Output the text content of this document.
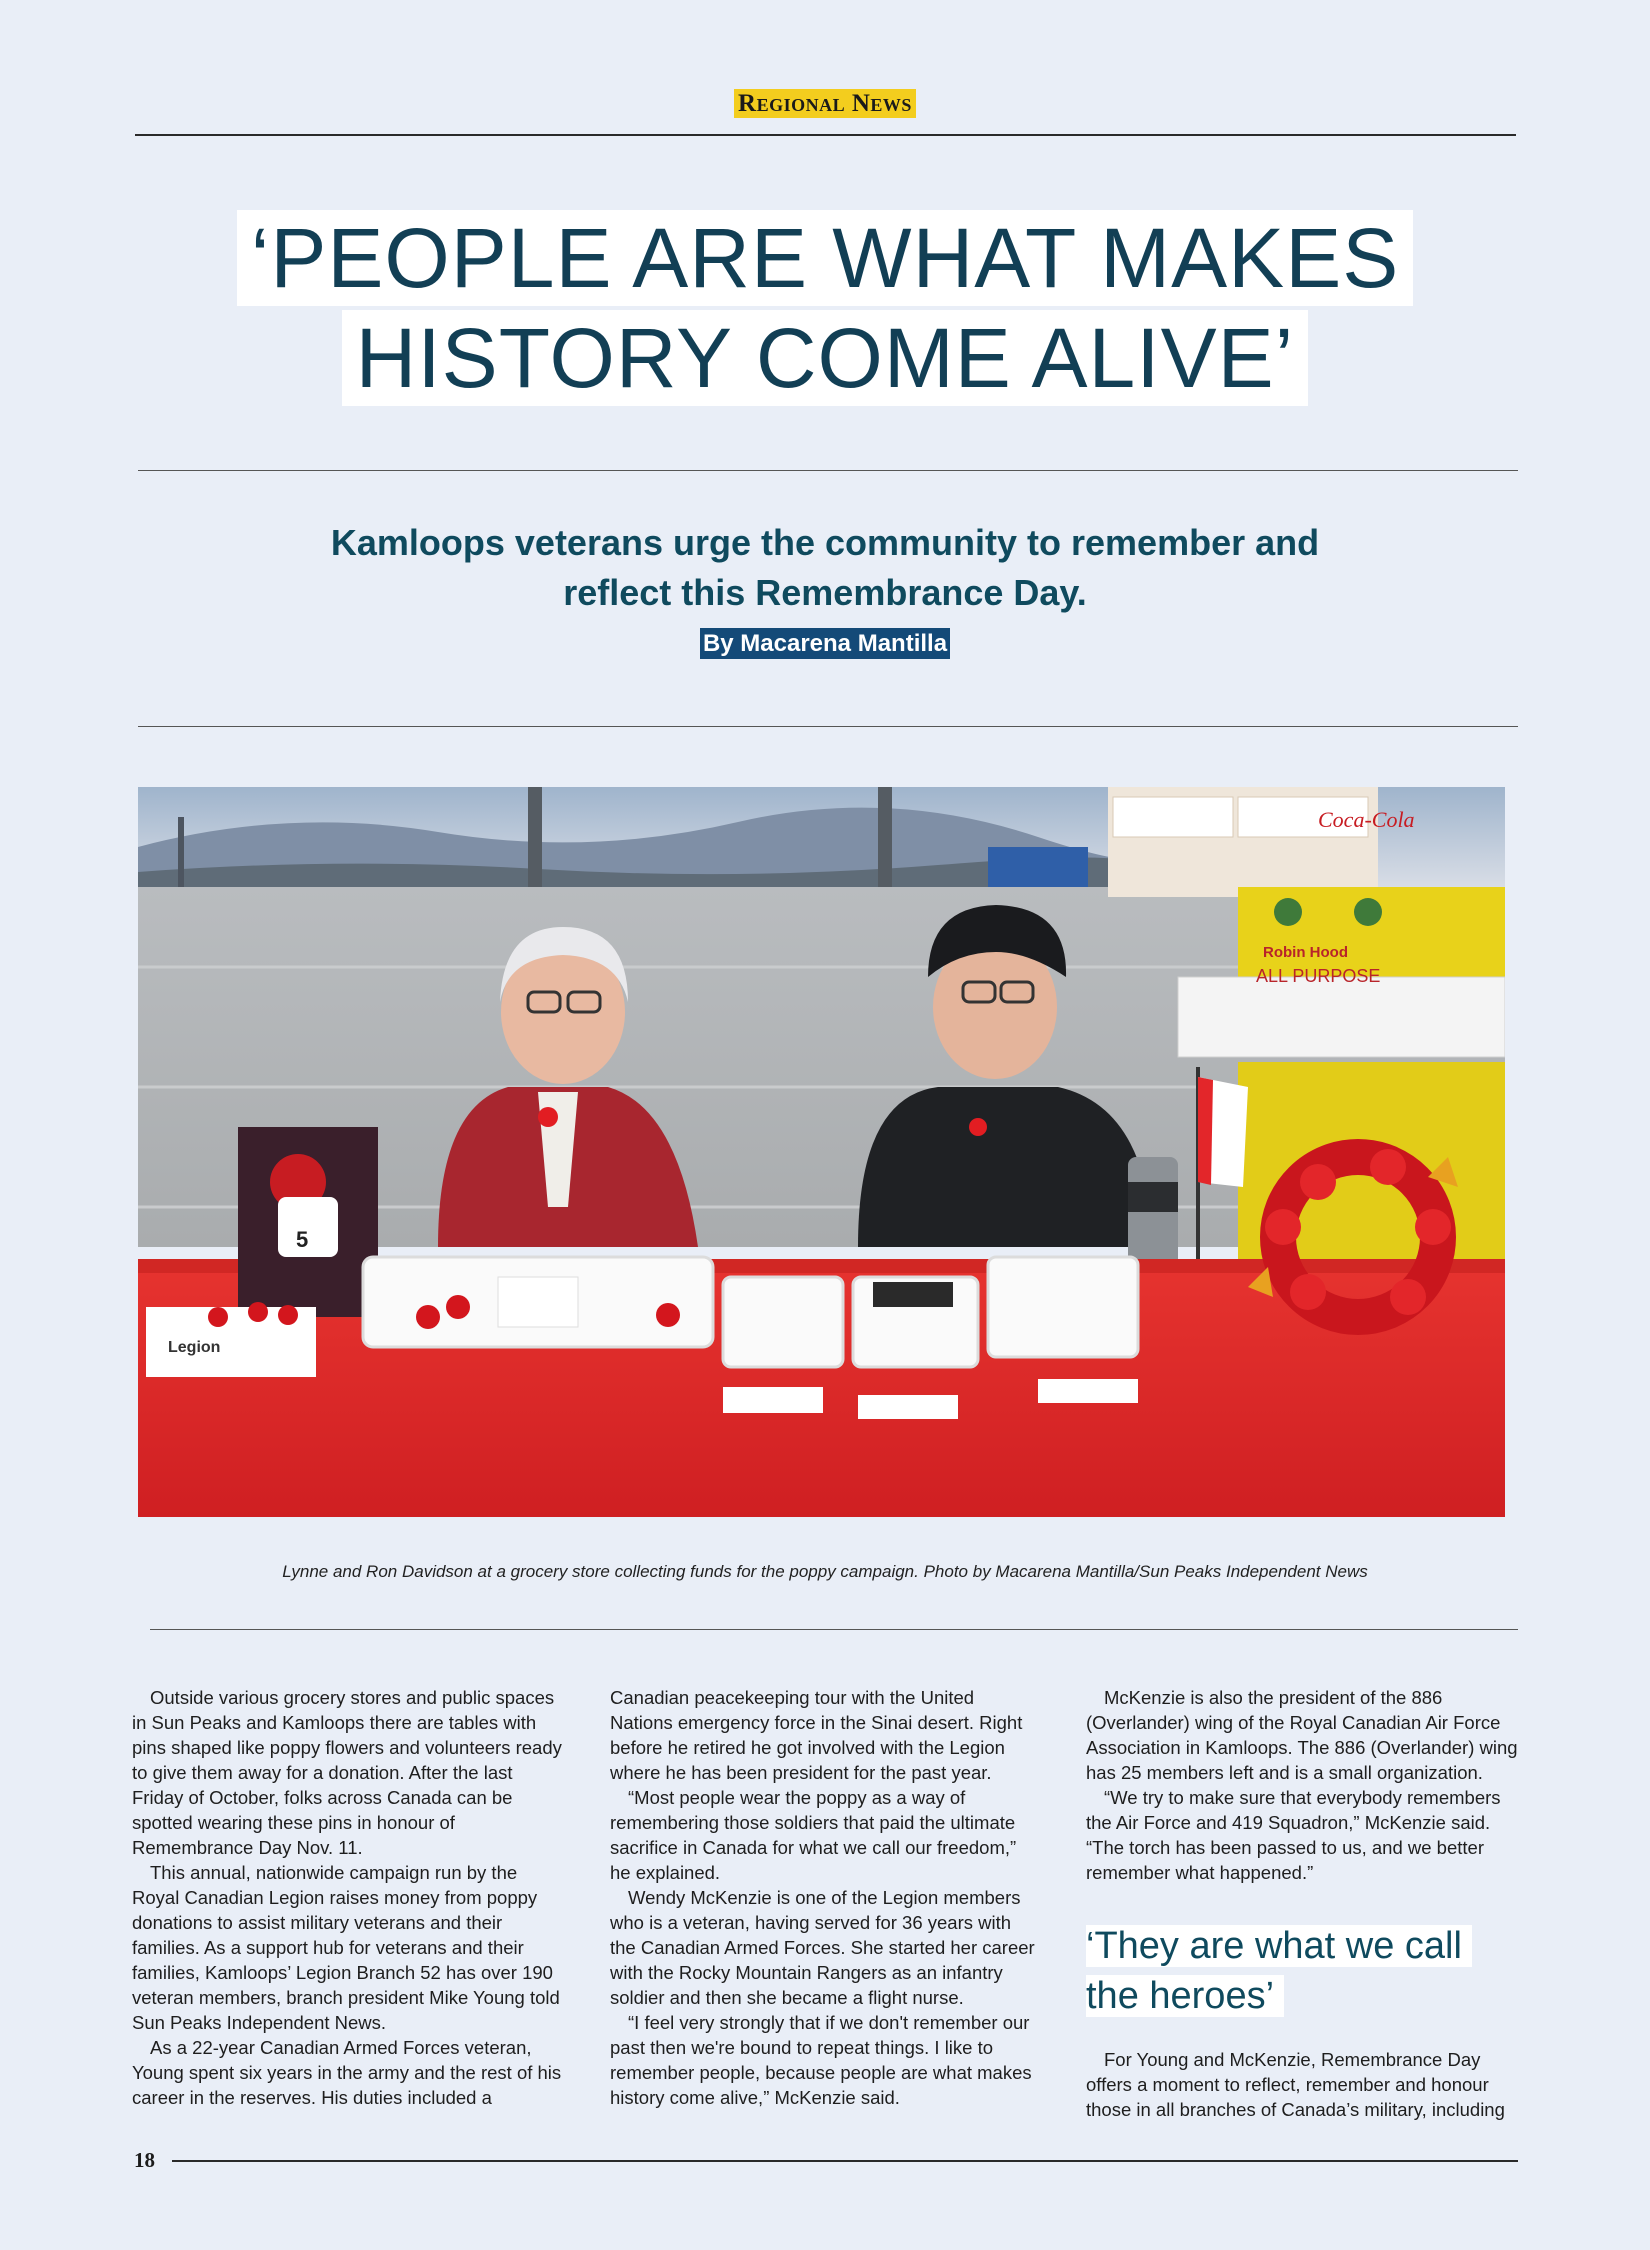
Regional News
‘PEOPLE ARE WHAT MAKES
HISTORY COME ALIVE’
Kamloops veterans urge the community to remember and
reflect this Remembrance Day.
By Macarena Mantilla
Coca-Cola
Robin Hood
ALL PURPOSE
5
Legion
Lynne and Ron Davidson at a grocery store collecting funds for the poppy campaign. Photo by Macarena Mantilla/Sun Peaks Independent News

Outside various grocery stores and public spaces in Sun Peaks and Kamloops there are tables with pins shaped like poppy flowers and volunteers ready to give them away for a donation. After the last Friday of October, folks across Canada can be spotted wearing these pins in honour of Remembrance Day Nov. 11.

This annual, nationwide campaign run by the Royal Canadian Legion raises money from poppy donations to assist military veterans and their families. As a support hub for veterans and their families, Kamloops’ Legion Branch 52 has over 190 veteran members, branch president Mike Young told Sun Peaks Independent News.

As a 22-year Canadian Armed Forces veteran, Young spent six years in the army and the rest of his career in the reserves. His duties included a

Canadian peacekeeping tour with the United Nations emergency force in the Sinai desert. Right before he retired he got involved with the Legion where he has been president for the past year.

“Most people wear the poppy as a way of remembering those soldiers that paid the ultimate sacrifice in Canada for what we call our freedom,” he explained.

Wendy McKenzie is one of the Legion members who is a veteran, having served for 36 years with the Canadian Armed Forces. She started her career with the Rocky Mountain Rangers as an infantry soldier and then she became a flight nurse.

“I feel very strongly that if we don't remember our past then we're bound to repeat things. I like to remember people, because people are what makes history come alive,” McKenzie said.

McKenzie is also the president of the 886 (Overlander) wing of the Royal Canadian Air Force Association in Kamloops. The 886 (Overlander) wing has 25 members left and is a small organization.

“We try to make sure that everybody remembers the Air Force and 419 Squadron,” McKenzie said. “The torch has been passed to us, and we better remember what happened.”

‘They are what we call
the heroes’

For Young and McKenzie, Remembrance Day offers a moment to reflect, remember and honour those in all branches of Canada’s military, including

18
